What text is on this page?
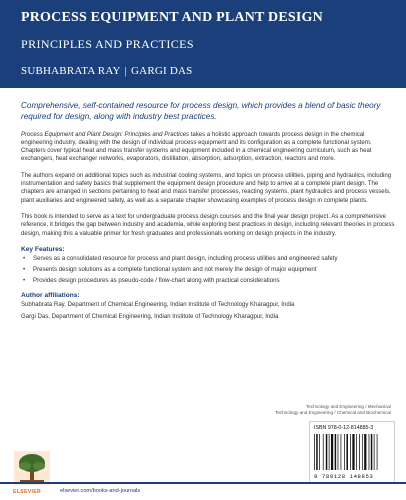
PROCESS EQUIPMENT AND PLANT DESIGN
PRINCIPLES AND PRACTICES
SUBHABRATA RAY | GARGI DAS

Comprehensive, self-contained resource for process design, which provides a blend of basic theory required for design, along with industry best practices.

Process Equipment and Plant Design: Principles and Practices takes a holistic approach towards process design in the chemical engineering industry, dealing with the design of individual process equipment and its configuration as a complete functional system. Chapters cover typical heat and mass transfer systems and equipment included in a chemical engineering curriculum, such as heat exchangers, heat exchanger networks, evaporators, distillation, absorption, adsorption, extraction, reactors and more.

The authors expand on additional topics such as industrial cooling systems, and topics on process utilities, piping and hydraulics, including instrumentation and safety basics that supplement the equipment design procedure and help to arrive at a complete plant design. The chapters are arranged in sections pertaining to heat and mass transfer processes, reacting systems, plant hydraulics and process vessels, plant auxiliaries and engineered safety, as well as a separate chapter showcasing examples of process design in complete plants.

This book is intended to serve as a text for undergraduate process design courses and the final year design project. As a comprehensive reference, it bridges the gap between industry and academia, while exploring best practices in design, including relevant theories in process design, making this a valuable primer for fresh graduates and professionals working on design projects in the industry.

Key Features:
• Serves as a consolidated resource for process and plant design, including process utilities and engineered safety
• Presents design solutions as a complete functional system and not merely the design of major equipment
• Provides design procedures as pseudo-code / flow-chart along with practical considerations
Author affiliations:

Subhabrata Ray, Department of Chemical Engineering, Indian Institute of Technology Kharagpur, India

Gargi Das, Department of Chemical Engineering, Indian Institute of Technology Kharagpur, India

Technology and Engineering / Mechanical
Technology and Engineering / Chemical and Biochemical
ISBN 978-0-12-814885-3
9 780128 148853
ELSEVIER	elsevier.com/books-and-journals
